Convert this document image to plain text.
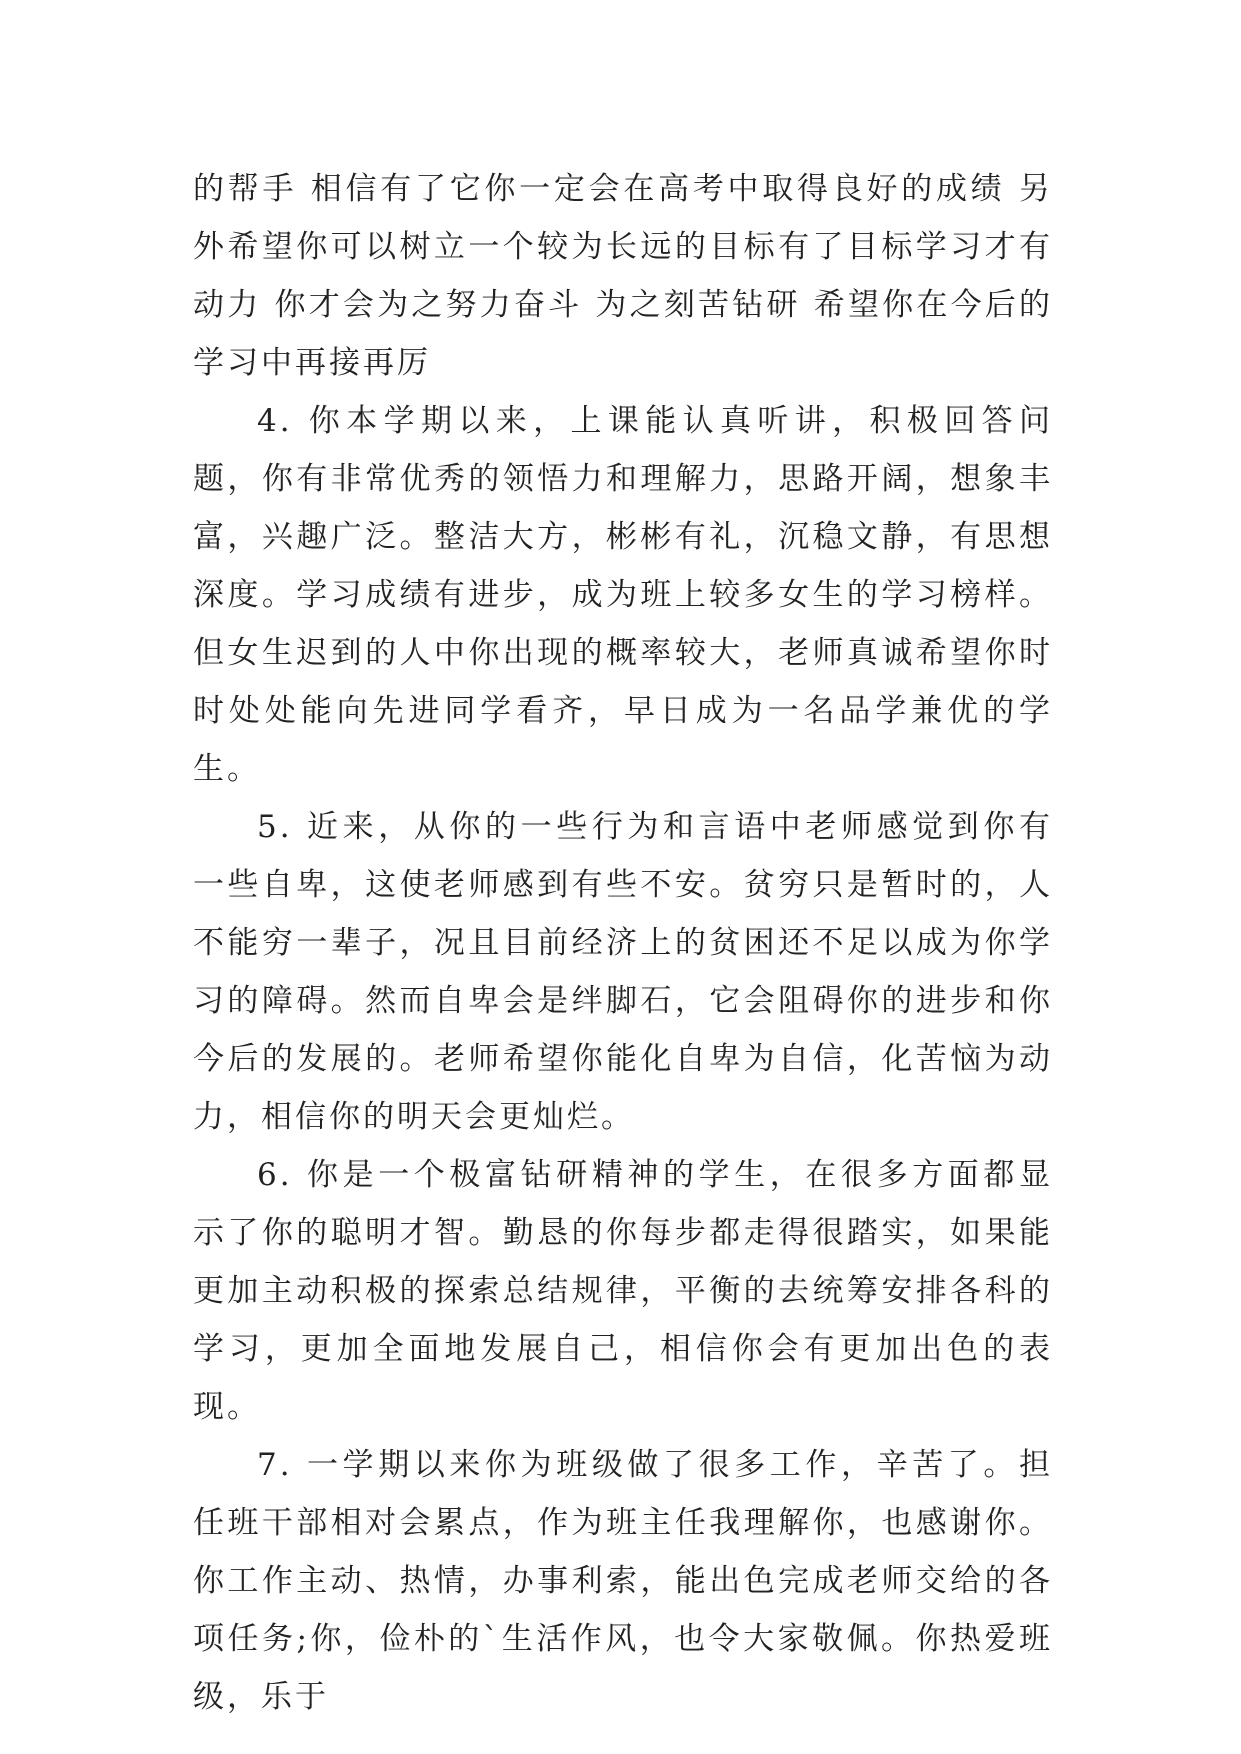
的帮手 相信有了它你一定会在高考中取得良好的成绩 另外希望你可以树立一个较为长远的目标有了目标学习才有动力 你才会为之努力奋斗 为之刻苦钻研 希望你在今后的学习中再接再厉

4. 你本学期以来，上课能认真听讲，积极回答问题，你有非常优秀的领悟力和理解力，思路开阔，想象丰富，兴趣广泛。整洁大方，彬彬有礼，沉稳文静，有思想深度。学习成绩有进步，成为班上较多女生的学习榜样。但女生迟到的人中你出现的概率较大，老师真诚希望你时时处处能向先进同学看齐，早日成为一名品学兼优的学生。

5. 近来，从你的一些行为和言语中老师感觉到你有一些自卑，这使老师感到有些不安。贫穷只是暂时的，人不能穷一辈子，况且目前经济上的贫困还不足以成为你学习的障碍。然而自卑会是绊脚石，它会阻碍你的进步和你今后的发展的。老师希望你能化自卑为自信，化苦恼为动力，相信你的明天会更灿烂。

6. 你是一个极富钻研精神的学生，在很多方面都显示了你的聪明才智。勤恳的你每步都走得很踏实，如果能更加主动积极的探索总结规律，平衡的去统筹安排各科的学习，更加全面地发展自己，相信你会有更加出色的表现。

7. 一学期以来你为班级做了很多工作，辛苦了。担任班干部相对会累点，作为班主任我理解你，也感谢你。你工作主动、热情，办事利索，能出色完成老师交给的各项任务;你，俭朴的`生活作风，也令大家敬佩。你热爱班级，乐于
